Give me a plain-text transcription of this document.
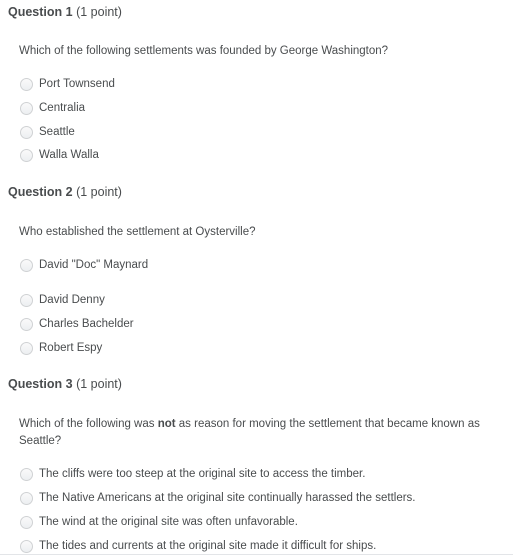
Question 1 (1 point)
Which of the following settlements was founded by George Washington?
Port Townsend
Centralia
Seattle
Walla Walla
Question 2 (1 point)
Who established the settlement at Oysterville?
David "Doc" Maynard
David Denny
Charles Bachelder
Robert Espy
Question 3 (1 point)
Which of the following was not as reason for moving the settlement that became known as Seattle?
The cliffs were too steep at the original site to access the timber.
The Native Americans at the original site continually harassed the settlers.
The wind at the original site was often unfavorable.
The tides and currents at the original site made it difficult for ships.
